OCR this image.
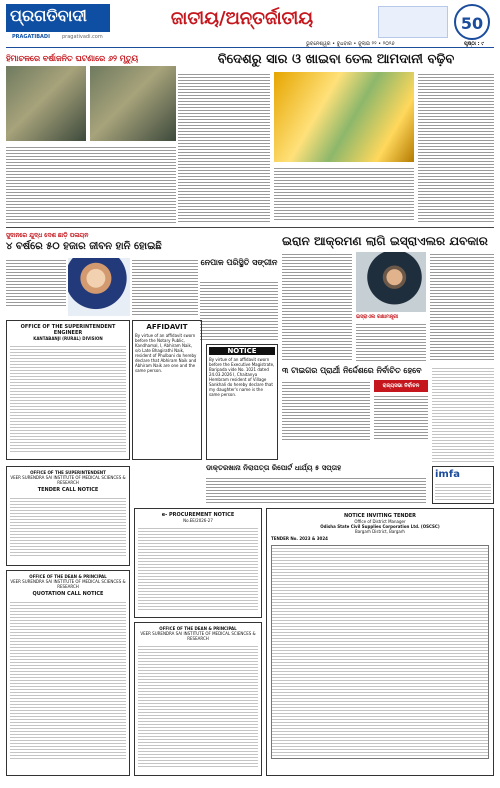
ପ୍ରଗତିବାଦୀ
PRAGATIBADI pragativadi.com
ଜାତୀୟ/ଅନ୍ତର୍ଜାତୀୟ	50
ଭୁବନେଶ୍ୱର • ବୁଧବାର • ଜୁଲାଇ ୨୨ • ୨୦୨୬	ପୃଷ୍ଠା : ୯
ହିମାଚଳରେ ବର୍ଷାଜନିତ ଘଟଣାରେ ୬୨ ମୃତ୍ୟୁ	ବିଦେଶରୁ ସାର ଓ ଖାଇବା ତେଲ ଆମଦାନୀ ବଢ଼ିବ
ସୁଦାନରେ ଯୁଦ୍ଧ ଦେଶ ଛାଡ଼ି ପଳାୟନ
୪ ବର୍ଷରେ ୫୦ ହଜାର ଜୀବନ ହାନି ହୋଇଛି
ନେପାଳ ପରିସ୍ଥିତି ସଙ୍ଗୀନ
ଇରାନ ଆକ୍ରମଣ ଲାଗି ଇସ୍ରାଏଲର ଯବକାର
ଇସ୍ରାଏଲ ରକ୍ଷାମନ୍ତ୍ରୀ
୩ ଟାଇଗର ପ୍ରାର୍ଥୀ ନିର୍ଦ୍ଦେଶରେ ନିର୍ବାଚିତ ହେବେ
ରାଜ୍ୟସଭା ନିର୍ବାଚନ
OFFICE OF THE SUPERINTENDENT ENGINEER
KANTABANJI (RURAL) DIVISION
AFFIDAVIT
By virtue of an affidavit sworn before the Notary Public, Kandhamal, I, Abhiram Naik, s/o Late Bhagirathi Naik, resident of Phulbani do hereby declare that Abhiram Naik and Abhiram Naik are one and the same person.
NOTICE
By virtue of an affidavit sworn before the Executive Magistrate, Baripada vide No. 1021 dated 24.03.2026 I, Chaitanya Hembram resident of Village Sankhali do hereby declare that my daughter's name is the same person.
ଡାକ୍ତରଖାନା ନିରାପତ୍ତା ରିପୋର୍ଟ ଧାର୍ଯ୍ୟ ୫ ସପ୍ତାହ
imfa
OFFICE OF THE SUPERINTENDENT
VEER SURENDRA SAI INSTITUTE OF MEDICAL SCIENCES & RESEARCH
TENDER CALL NOTICE
e- PROCUREMENT NOTICE
No.EE/2026-27
OFFICE OF THE DEAN & PRINCIPAL
VEER SURENDRA SAI INSTITUTE OF MEDICAL SCIENCES & RESEARCH
QUOTATION CALL NOTICE
OFFICE OF THE DEAN & PRINCIPAL
VEER SURENDRA SAI INSTITUTE OF MEDICAL SCIENCES & RESEARCH
NOTICE INVITING TENDER
Office of District Manager
Odisha State Civil Supplies Corporation Ltd. (OSCSC)
Bargarh District, Bargarh
TENDER No. 2023 & 3024
